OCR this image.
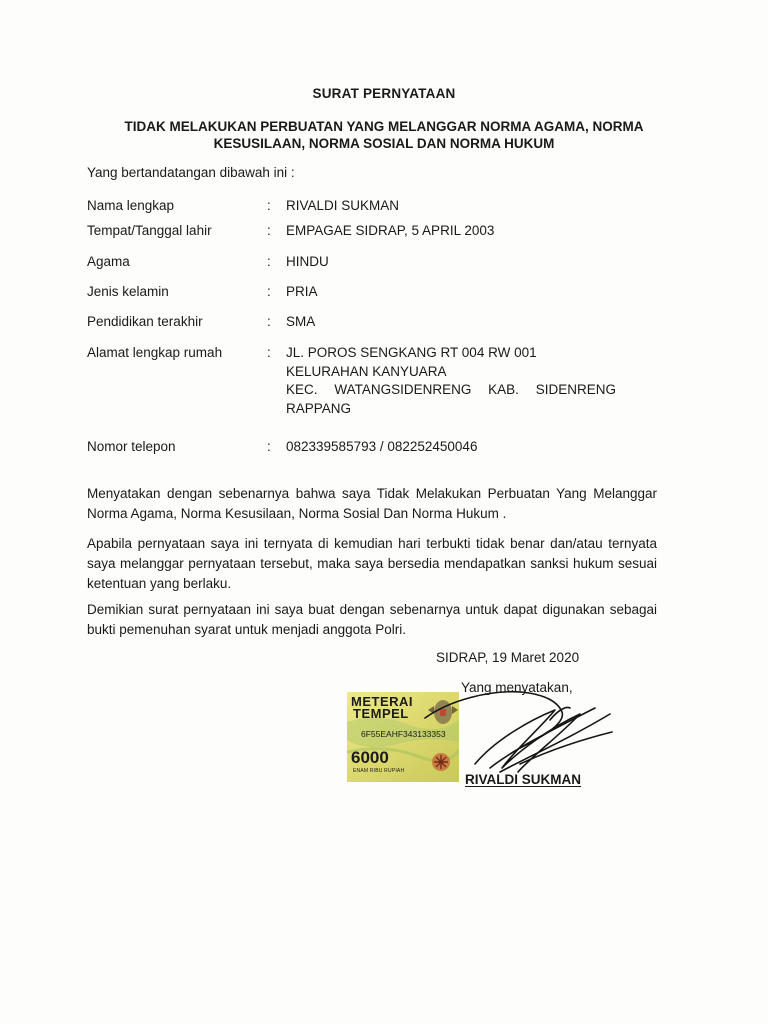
SURAT PERNYATAAN
TIDAK MELAKUKAN PERBUATAN YANG MELANGGAR NORMA AGAMA, NORMA
KESUSILAAN, NORMA SOSIAL DAN NORMA HUKUM
Yang bertandatangan dibawah ini :
Nama lengkap	: RIVALDI SUKMAN
Tempat/Tanggal lahir	: EMPAGAE SIDRAP, 5 APRIL 2003
Agama	: HINDU
Jenis kelamin	: PRIA
Pendidikan terakhir	: SMA
Alamat lengkap rumah	: JL. POROS SENGKANG RT 004 RW 001
KELURAHAN KANYUARA
KEC. WATANGSIDENRENG KAB. SIDENRENG
RAPPANG
Nomor telepon	: 082339585793 / 082252450046
Menyatakan dengan sebenarnya bahwa saya Tidak Melakukan Perbuatan Yang Melanggar Norma Agama, Norma Kesusilaan, Norma Sosial Dan Norma Hukum .
Apabila pernyataan saya ini ternyata di kemudian hari terbukti tidak benar dan/atau ternyata saya melanggar pernyataan tersebut, maka saya bersedia mendapatkan sanksi hukum sesuai ketentuan yang berlaku.
Demikian surat pernyataan ini saya buat dengan sebenarnya untuk dapat digunakan sebagai bukti pemenuhan syarat untuk menjadi anggota Polri.
SIDRAP, 19 Maret 2020
Yang menyatakan,
METERAI
TEMPEL
6F55EAHF343133353
6000
ENAM RIBU RUPIAH
RIVALDI SUKMAN
